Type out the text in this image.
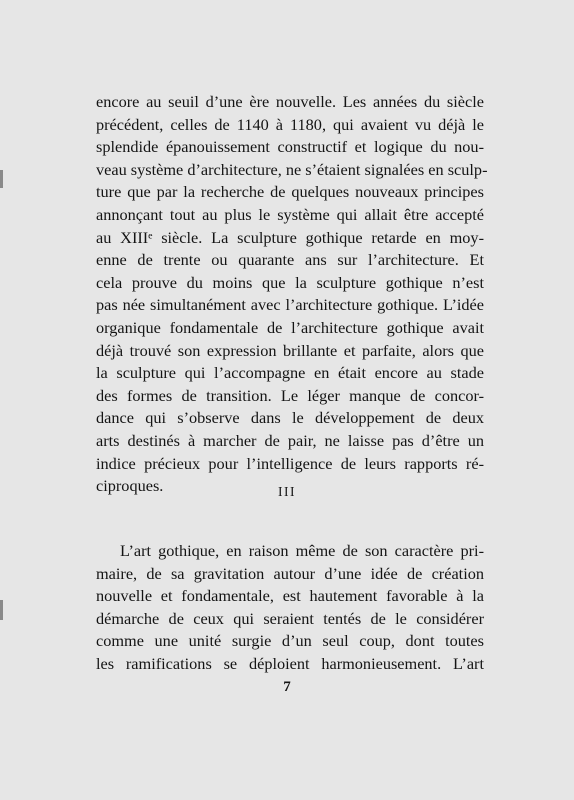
encore au seuil d’une ère nouvelle. Les années du siècle
précédent, celles de 1140 à 1180, qui avaient vu déjà le
splendide épanouissement constructif et logique du nou-
veau système d’architecture, ne s’étaient signalées en sculp-
ture que par la recherche de quelques nouveaux principes
annonçant tout au plus le système qui allait être accepté
au XIIIᵉ siècle. La sculpture gothique retarde en moy-
enne de trente ou quarante ans sur l’architecture. Et
cela prouve du moins que la sculpture gothique n’est
pas née simultanément avec l’architecture gothique. L’idée
organique fondamentale de l’architecture gothique avait
déjà trouvé son expression brillante et parfaite, alors que
la sculpture qui l’accompagne en était encore au stade
des formes de transition. Le léger manque de concor-
dance qui s’observe dans le développement de deux
arts destinés à marcher de pair, ne laisse pas d’être un
indice précieux pour l’intelligence de leurs rapports ré-
ciproques.	III
L’art gothique, en raison même de son caractère pri-
maire, de sa gravitation autour d’une idée de création
nouvelle et fondamentale, est hautement favorable à la
démarche de ceux qui seraient tentés de le considérer
comme une unité surgie d’un seul coup, dont toutes
les ramifications se déploient harmonieusement. L’art
7
